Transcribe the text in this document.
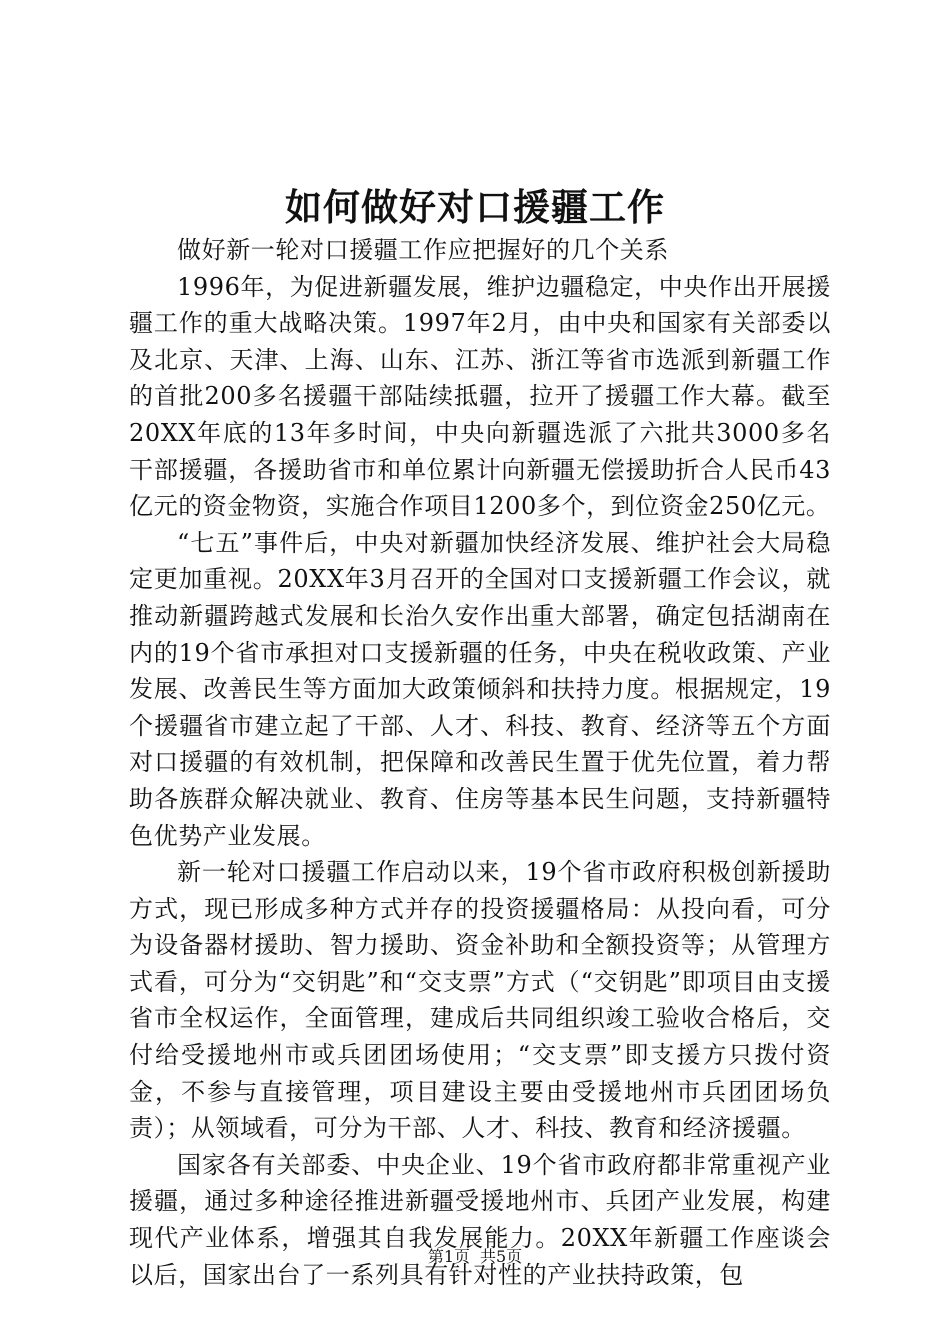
如何做好对口援疆工作

做好新一轮对口援疆工作应把握好的几个关系

1996年，为促进新疆发展，维护边疆稳定，中央作出开展援疆工作的重大战略决策。1997年2月，由中央和国家有关部委以及北京、天津、上海、山东、江苏、浙江等省市选派到新疆工作的首批200多名援疆干部陆续抵疆，拉开了援疆工作大幕。截至20XX年底的13年多时间，中央向新疆选派了六批共3000多名干部援疆，各援助省市和单位累计向新疆无偿援助折合人民币43亿元的资金物资，实施合作项目1200多个，到位资金250亿元。

“七五”事件后，中央对新疆加快经济发展、维护社会大局稳定更加重视。20XX年3月召开的全国对口支援新疆工作会议，就推动新疆跨越式发展和长治久安作出重大部署，确定包括湖南在内的19个省市承担对口支援新疆的任务，中央在税收政策、产业发展、改善民生等方面加大政策倾斜和扶持力度。根据规定，19个援疆省市建立起了干部、人才、科技、教育、经济等五个方面对口援疆的有效机制，把保障和改善民生置于优先位置，着力帮助各族群众解决就业、教育、住房等基本民生问题，支持新疆特色优势产业发展。

新一轮对口援疆工作启动以来，19个省市政府积极创新援助方式，现已形成多种方式并存的投资援疆格局：从投向看，可分为设备器材援助、智力援助、资金补助和全额投资等；从管理方式看，可分为“交钥匙”和“交支票”方式（“交钥匙”即项目由支援省市全权运作，全面管理，建成后共同组织竣工验收合格后，交付给受援地州市或兵团团场使用；“交支票”即支援方只拨付资金，不参与直接管理，项目建设主要由受援地州市兵团团场负责）；从领域看，可分为干部、人才、科技、教育和经济援疆。

国家各有关部委、中央企业、19个省市政府都非常重视产业援疆，通过多种途径推进新疆受援地州市、兵团产业发展，构建现代产业体系，增强其自我发展能力。20XX年新疆工作座谈会以后，国家出台了一系列具有针对性的产业扶持政策，包

第1页 共5页
